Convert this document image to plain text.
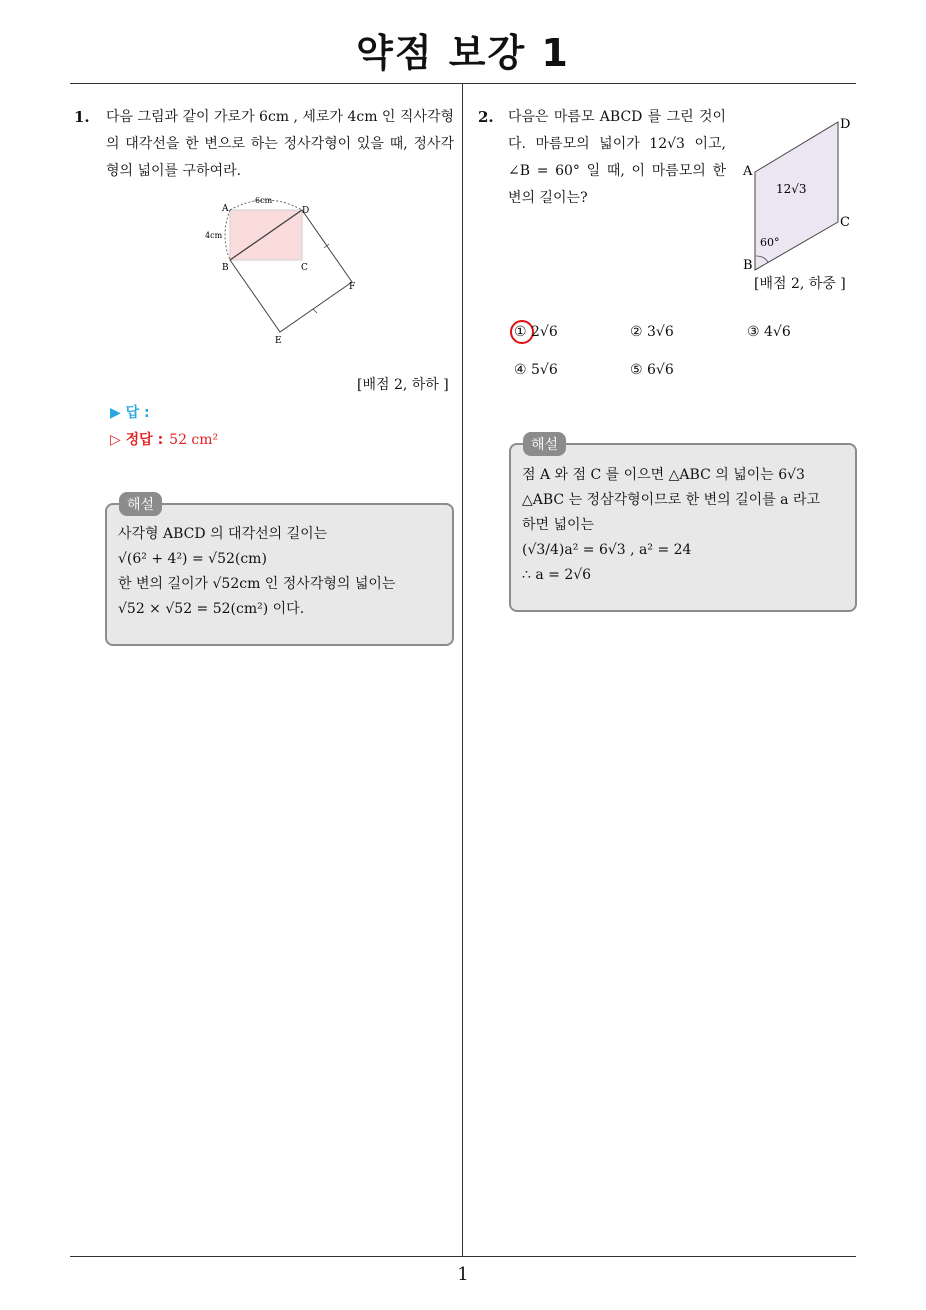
약점 보강 1
1
1. 다음 그림과 같이 가로가 6cm , 세로가 4cm 인 직사각형의 대각선을 한 변으로 하는 정사각형이 있을 때, 정사각형의 넓이를 구하여라.
A
B	C
D
E
F
6cm
4cm
[배점 2, 하하 ]
▶ 답 :
▷ 정답 : 52 cm²
해설
사각형 ABCD 의 대각선의 길이는
√(6² + 4²) = √52(cm)
한 변의 길이가 √52cm 인 정사각형의 넓이는
√52 × √52 = 52(cm²) 이다.
2. 다음은 마름모 ABCD 를 그린 것이다. 마름모의 넓이가 12√3 이고, ∠B = 60° 일 때, 이 마름모의 한 변의 길이는?
A
B
C
D
12√3
60°
[배점 2, 하중 ]
① 2√6	② 3√6	③ 4√6
④ 5√6	⑤ 6√6
해설
점 A 와 점 C 를 이으면 △ABC 의 넓이는 6√3
△ABC 는 정삼각형이므로 한 변의 길이를 a 라고
하면 넓이는
(√3/4)a² = 6√3 , a² = 24
∴ a = 2√6
